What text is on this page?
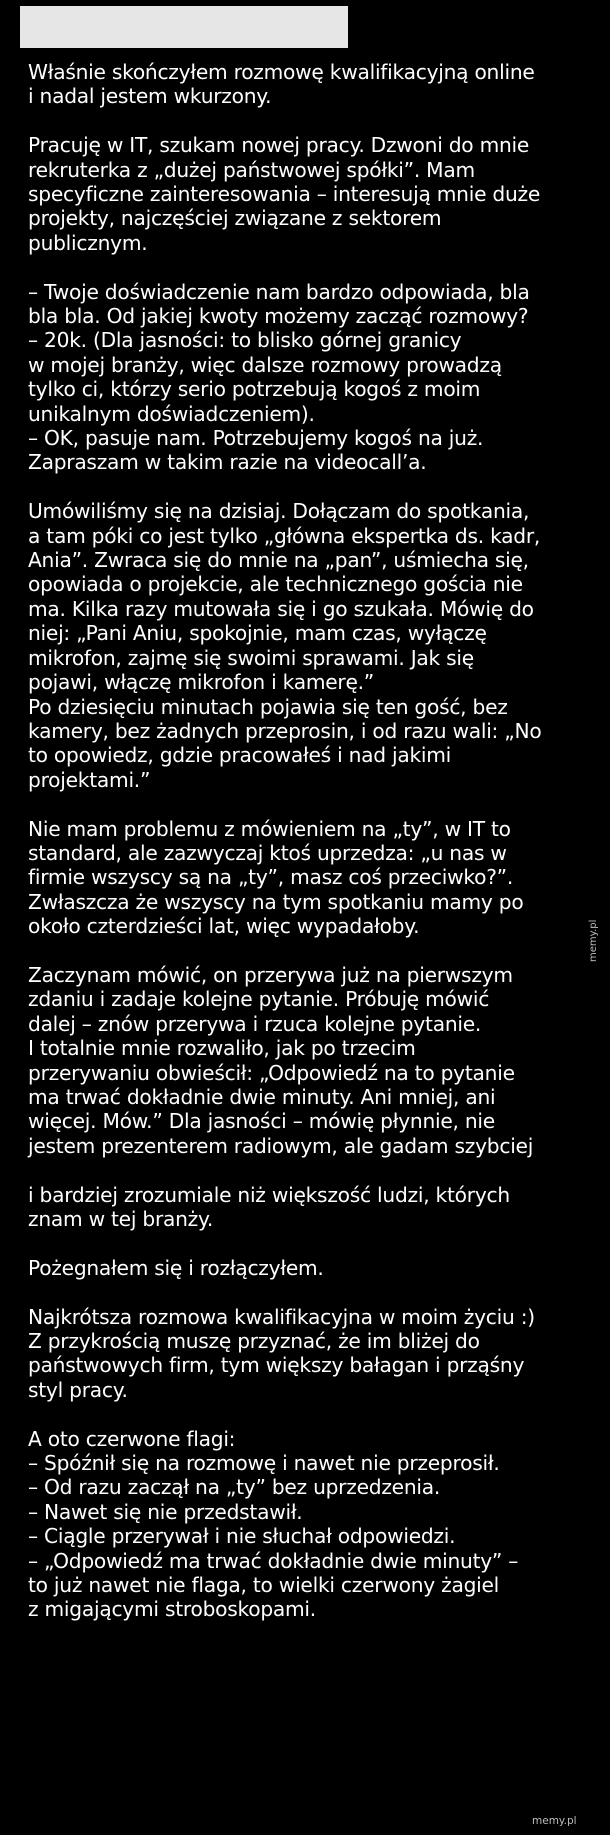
Właśnie skończyłem rozmowę kwalifikacyjną online
i nadal jestem wkurzony.
Pracuję w IT, szukam nowej pracy. Dzwoni do mnie
rekruterka z „dużej państwowej spółki”. Mam
specyficzne zainteresowania – interesują mnie duże
projekty, najczęściej związane z sektorem
publicznym.
– Twoje doświadczenie nam bardzo odpowiada, bla
bla bla. Od jakiej kwoty możemy zacząć rozmowy?
– 20k. (Dla jasności: to blisko górnej granicy
w mojej branży, więc dalsze rozmowy prowadzą
tylko ci, którzy serio potrzebują kogoś z moim
unikalnym doświadczeniem).
– OK, pasuje nam. Potrzebujemy kogoś na już.
Zapraszam w takim razie na videocall’a.
Umówiliśmy się na dzisiaj. Dołączam do spotkania,
a tam póki co jest tylko „główna ekspertka ds. kadr,
Ania”. Zwraca się do mnie na „pan”, uśmiecha się,
opowiada o projekcie, ale technicznego gościa nie
ma. Kilka razy mutowała się i go szukała. Mówię do
niej: „Pani Aniu, spokojnie, mam czas, wyłączę
mikrofon, zajmę się swoimi sprawami. Jak się
pojawi, włączę mikrofon i kamerę.”
Po dziesięciu minutach pojawia się ten gość, bez
kamery, bez żadnych przeprosin, i od razu wali: „No
to opowiedz, gdzie pracowałeś i nad jakimi
projektami.”
Nie mam problemu z mówieniem na „ty”, w IT to
standard, ale zazwyczaj ktoś uprzedza: „u nas w
firmie wszyscy są na „ty”, masz coś przeciwko?”.
Zwłaszcza że wszyscy na tym spotkaniu mamy po
około czterdzieści lat, więc wypadałoby.
Zaczynam mówić, on przerywa już na pierwszym
zdaniu i zadaje kolejne pytanie. Próbuję mówić
dalej – znów przerywa i rzuca kolejne pytanie.
I totalnie mnie rozwaliło, jak po trzecim
przerywaniu obwieścił: „Odpowiedź na to pytanie
ma trwać dokładnie dwie minuty. Ani mniej, ani
więcej. Mów.” Dla jasności – mówię płynnie, nie
jestem prezenterem radiowym, ale gadam szybciej
i bardziej zrozumiale niż większość ludzi, których
znam w tej branży.
Pożegnałem się i rozłączyłem.
Najkrótsza rozmowa kwalifikacyjna w moim życiu :)
Z przykrością muszę przyznać, że im bliżej do
państwowych firm, tym większy bałagan i prząśny
styl pracy.
A oto czerwone flagi:
– Spóźnił się na rozmowę i nawet nie przeprosił.
– Od razu zaczął na „ty” bez uprzedzenia.
– Nawet się nie przedstawił.
– Ciągle przerywał i nie słuchał odpowiedzi.
– „Odpowiedź ma trwać dokładnie dwie minuty” –
to już nawet nie flaga, to wielki czerwony żagiel
z migającymi stroboskopami.
memy.pl
memy.pl
